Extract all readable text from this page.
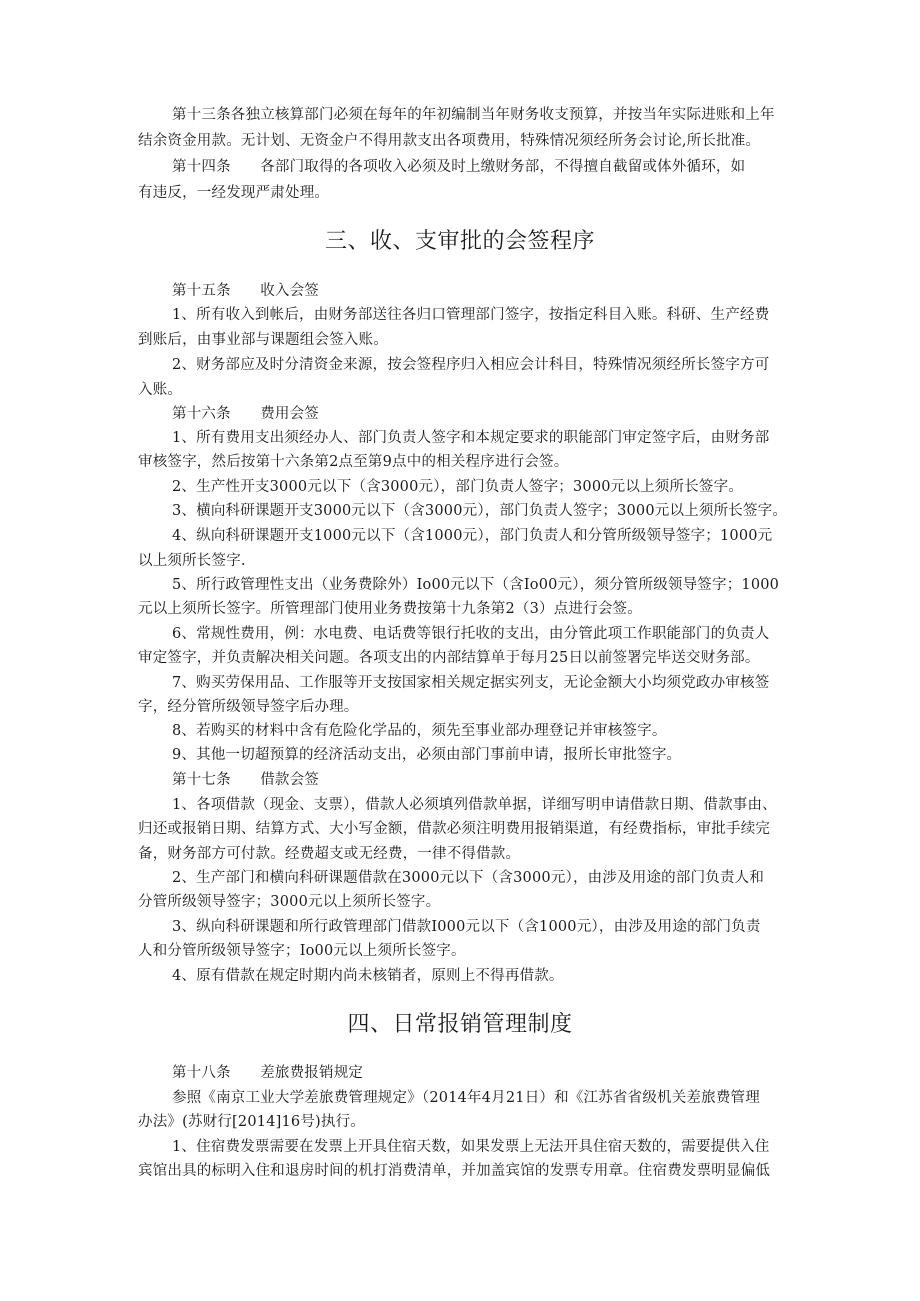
第十三条各独立核算部门必须在每年的年初编制当年财务收支预算，并按当年实际进账和上年
结余资金用款。无计划、无资金户不得用款支出各项费用，特殊情况须经所务会讨论,所长批准。
第十四条　　各部门取得的各项收入必须及时上缴财务部，不得擅自截留或体外循环，如
有违反，一经发现严肃处理。
三、收、支审批的会签程序
第十五条　　收入会签
1、所有收入到帐后，由财务部送往各归口管理部门签字，按指定科目入账。科研、生产经费
到账后，由事业部与课题组会签入账。
2、财务部应及时分清资金来源，按会签程序归入相应会计科目，特殊情况须经所长签字方可
入账。
第十六条　　费用会签
1、所有费用支出须经办人、部门负责人签字和本规定要求的职能部门审定签字后，由财务部
审核签字，然后按第十六条第2点至第9点中的相关程序进行会签。
2、生产性开支3000元以下（含3000元），部门负责人签字；3000元以上须所长签字。
3、横向科研课题开支3000元以下（含3000元），部门负责人签字；3000元以上须所长签字。
4、纵向科研课题开支1000元以下（含1000元），部门负责人和分管所级领导签字；1000元
以上须所长签字.
5、所行政管理性支出（业务费除外）Io00元以下（含Io00元），须分管所级领导签字；1000
元以上须所长签字。所管理部门使用业务费按第十九条第2（3）点进行会签。
6、常规性费用，例：水电费、电话费等银行托收的支出，由分管此项工作职能部门的负责人
审定签字，并负责解决相关问题。各项支出的内部结算单于每月25日以前签署完毕送交财务部。
7、购买劳保用品、工作服等开支按国家相关规定据实列支，无论金额大小均须党政办审核签
字，经分管所级领导签字后办理。
8、若购买的材料中含有危险化学品的，须先至事业部办理登记并审核签字。
9、其他一切超预算的经济活动支出，必须由部门事前申请，报所长审批签字。
第十七条　　借款会签
1、各项借款（现金、支票），借款人必须填列借款单据，详细写明申请借款日期、借款事由、
归还或报销日期、结算方式、大小写金额，借款必须注明费用报销渠道，有经费指标，审批手续完
备，财务部方可付款。经费超支或无经费，一律不得借款。
2、生产部门和横向科研课题借款在3000元以下（含3000元），由涉及用途的部门负责人和
分管所级领导签字；3000元以上须所长签字。
3、纵向科研课题和所行政管理部门借款I000元以下（含1000元），由涉及用途的部门负责
人和分管所级领导签字；Io00元以上须所长签字。
4、原有借款在规定时期内尚未核销者，原则上不得再借款。
四、日常报销管理制度
第十八条　　差旅费报销规定
参照《南京工业大学差旅费管理规定》（2014年4月21日）和《江苏省省级机关差旅费管理
办法》(苏财行[2014]16号)执行。
1、住宿费发票需要在发票上开具住宿天数，如果发票上无法开具住宿天数的，需要提供入住
宾馆出具的标明入住和退房时间的机打消费清单，并加盖宾馆的发票专用章。住宿费发票明显偏低
